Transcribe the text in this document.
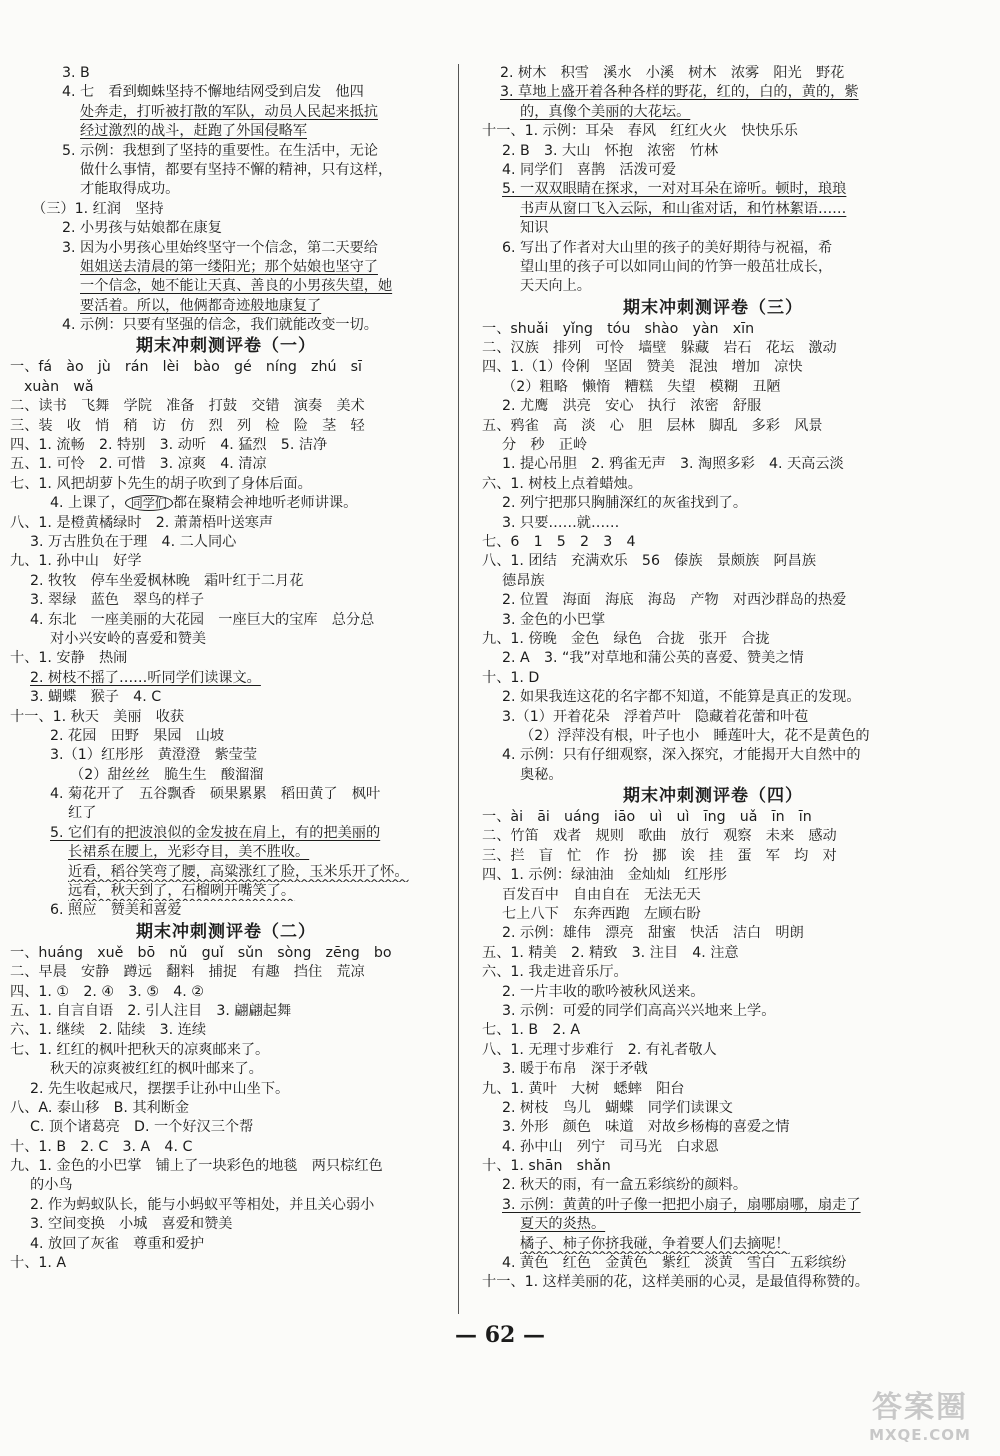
3. B
4. 七　看到蜘蛛坚持不懈地结网受到启发　他四
处奔走，打听被打散的军队，动员人民起来抵抗
经过激烈的战斗，赶跑了外国侵略军
5. 示例：我想到了坚持的重要性。在生活中，无论
做什么事情，都要有坚持不懈的精神，只有这样，
才能取得成功。
（三）1. 红润　坚持
2. 小男孩与姑娘都在康复
3. 因为小男孩心里始终坚守一个信念，第二天要给
姐姐送去清晨的第一缕阳光；那个姑娘也坚守了
一个信念，她不能让天真、善良的小男孩失望，她
要活着。所以，他俩都奇迹般地康复了
4. 示例：只要有坚强的信念，我们就能改变一切。
期末冲刺测评卷（一）
一、fá　ào　jù　rán　lèi　bào　gé　níng　zhú　sī
xuàn　wǎ
二、读书　飞舞　学院　准备　打鼓　交错　演奏　美术
三、装　收　悄　稍　访　仿　烈　列　检　险　茎　轻
四、1. 流畅　2. 特别　3. 动听　4. 猛烈　5. 洁净
五、1. 可怜　2. 可惜　3. 凉爽　4. 清凉
七、1. 风把胡萝卜先生的胡子吹到了身体后面。
4. 上课了， 同学们 都在聚精会神地听老师讲课。
八、1. 是橙黄橘绿时　2. 萧萧梧叶送寒声
3. 万古胜负在于理　4. 二人同心
九、1. 孙中山　好学
2. 牧牧　停车坐爱枫林晚　霜叶红于二月花
3. 翠绿　蓝色　翠鸟的样子
4. 东北　一座美丽的大花园　一座巨大的宝库　总分总
对小兴安岭的喜爱和赞美
十、1. 安静　热闹
2. 树枝不摇了……听同学们读课文。
3. 蝴蝶　猴子　4. C
十一、1. 秋天　美丽　收获
2. 花园　田野　果园　山坡
3.（1）红彤彤　黄澄澄　紫莹莹
（2）甜丝丝　脆生生　酸溜溜
4. 菊花开了　五谷飘香　硕果累累　稻田黄了　枫叶
红了
5. 它们有的把波浪似的金发披在肩上，有的把美丽的
长裙系在腰上，光彩夺目，美不胜收。
近看，稻谷笑弯了腰，高粱涨红了脸，玉米乐开了怀。
远看，秋天到了，石榴咧开嘴笑了。
6. 照应　赞美和喜爱
期末冲刺测评卷（二）
一、huáng　xuě　bō　nǔ　guǐ　sǔn　sòng　zēng　bo
二、早晨　安静　蹲远　翻料　捕捉　有趣　挡住　荒凉
四、1. ①　2. ④　3. ⑤　4. ②
五、1. 自言自语　2. 引人注目　3. 翩翩起舞
六、1. 继续　2. 陆续　3. 连续
七、1. 红红的枫叶把秋天的凉爽邮来了。
秋天的凉爽被红红的枫叶邮来了。
2. 先生收起戒尺，摆摆手让孙中山坐下。
八、A. 泰山移　B. 其利断金
C. 顶个诸葛亮　D. 一个好汉三个帮
十、1. B　2. C　3. A　4. C
九、1. 金色的小巴掌　铺上了一块彩色的地毯　两只棕红色
的小鸟
2. 作为蚂蚁队长，能与小蚂蚁平等相处，并且关心弱小
3. 空间变换　小城　喜爱和赞美
4. 放回了灰雀　尊重和爱护
十、1. A
2. 树木　积雪　溪水　小溪　树木　浓雾　阳光　野花
3. 草地上盛开着各种各样的野花，红的，白的，黄的，紫
的，真像个美丽的大花坛。
十一、1. 示例：耳朵　春风　红红火火　快快乐乐
2. B　3. 大山　怀抱　浓密　竹林
4. 同学们　喜鹊　活泼可爱
5. 一双双眼睛在探求，一对对耳朵在谛听。顿时，琅琅
书声从窗口飞入云际，和山雀对话，和竹林絮语……
知识
6. 写出了作者对大山里的孩子的美好期待与祝福，希
望山里的孩子可以如同山间的竹笋一般茁壮成长，
天天向上。
期末冲刺测评卷（三）
一、shuǎi　yǐng　tóu　shào　yàn　xīn
二、汉族　排列　可怜　墙壁　躲藏　岩石　花坛　激动
四、1.（1）伶俐　坚固　赞美　混浊　增加　凉快
（2）粗略　懒惰　糟糕　失望　模糊　丑陋
2. 尤鹰　洪亮　安心　执行　浓密　舒服
五、鸦雀　高　淡　心　胆　层林　脚乱　多彩　风景
分　秒　正岭
1. 提心吊胆　2. 鸦雀无声　3. 淘照多彩　4. 天高云淡
六、1. 树枝上点着蜡烛。
2. 列宁把那只胸脯深红的灰雀找到了。
3. 只要……就……
七、6　1　5　2　3　4
八、1. 团结　充满欢乐　56　傣族　景颇族　阿昌族
德昂族
2. 位置　海面　海底　海岛　产物　对西沙群岛的热爱
3. 金色的小巴掌
九、1. 傍晚　金色　绿色　合拢　张开　合拢
2. A　3. “我”对草地和蒲公英的喜爱、赞美之情
十、1. D
2. 如果我连这花的名字都不知道，不能算是真正的发现。
3.（1）开着花朵　浮着芦叶　隐藏着花蕾和叶苞
（2）浮萍没有根，叶子也小　睡莲叶大，花不是黄色的
4. 示例：只有仔细观察，深入探究，才能揭开大自然中的
奥秘。
期末冲刺测评卷（四）
一、ài　āi　uáng　iāo　uì　uì　īng　uǎ　īn　īn
二、竹笛　戏者　规则　歌曲　放行　观察　未来　感动
三、拦　盲　忙　作　扮　挪　诶　挂　蛋　军　均　对
四、1. 示例：绿油油　金灿灿　红彤彤
百发百中　自由自在　无法无天
七上八下　东奔西跑　左顾右盼
2. 示例：雄伟　漂亮　甜蜜　快活　洁白　明朗
五、1. 精美　2. 精致　3. 注目　4. 注意
六、1. 我走进音乐厅。
2. 一片丰收的歌吟被秋风送来。
3. 示例：可爱的同学们高高兴兴地来上学。
七、1. B　2. A
八、1. 无理寸步难行　2. 有礼者敬人
3. 暖于布帛　深于矛戟
九、1. 黄叶　大树　蟋蟀　阳台
2. 树枝　鸟儿　蝴蝶　同学们读课文
3. 外形　颜色　味道　对故乡杨梅的喜爱之情
4. 孙中山　列宁　司马光　白求恩
十、1. shān　shǎn
2. 秋天的雨，有一盒五彩缤纷的颜料。
3. 示例：黄黄的叶子像一把把小扇子，扇哪扇哪，扇走了
夏天的炎热。
橘子、柿子你挤我碰，争着要人们去摘呢！
4. 黄色　红色　金黄色　紫红　淡黄　雪白　五彩缤纷
十一、1. 这样美丽的花，这样美丽的心灵，是最值得称赞的。
— 62 —
答案圈
MXQE.COM
